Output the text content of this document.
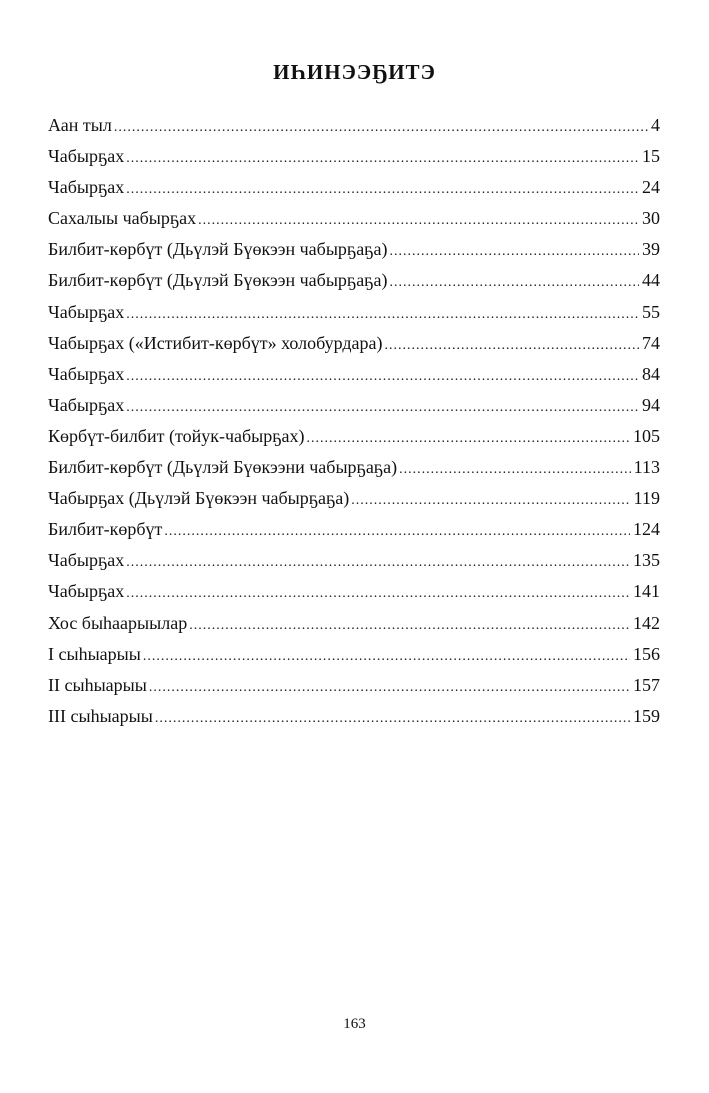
ИҺИНЭЭҔИТЭ
Аан тыл .....	4
Чабырҕах .....	15
Чабырҕах .....	24
Сахалыы чабырҕах .....	30
Билбит-көрбүт (Дьүлэй Бүөкээн чабырҕаҕа) .....	39
Билбит-көрбүт (Дьүлэй Бүөкээн чабырҕаҕа) .....	44
Чабырҕах .....	55
Чабырҕах («Истибит-көрбүт» холобурдара) .....	74
Чабырҕах .....	84
Чабырҕах .....	94
Көрбүт-билбит (тойук-чабырҕах) .....	105
Билбит-көрбүт (Дьүлэй Бүөкээни чабырҕаҕа) .....	113
Чабырҕах (Дьүлэй Бүөкээн чабырҕаҕа) .....	119
Билбит-көрбүт .....	124
Чабырҕах .....	135
Чабырҕах .....	141
Хос быһаарыылар .....	142
I сыһыарыы .....	156
II сыһыарыы .....	157
III сыһыарыы .....	159
163
